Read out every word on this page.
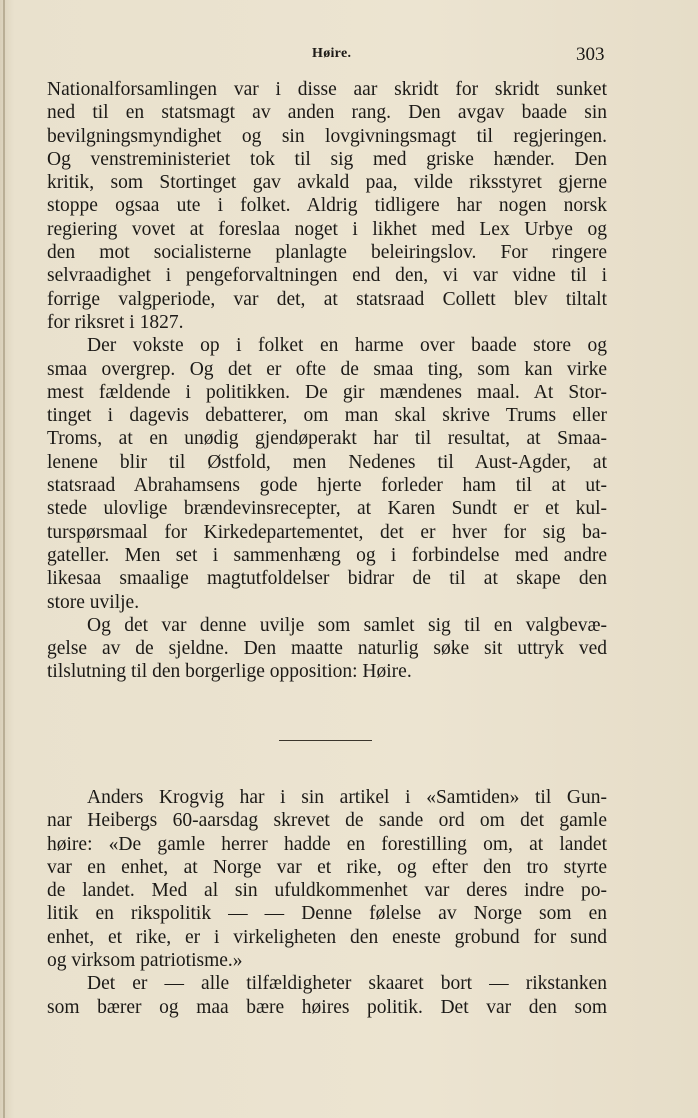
Høire.	303
Nationalforsamlingen var i disse aar skridt for skridt sunket
ned til en statsmagt av anden rang. Den avgav baade sin
bevilgningsmyndighet og sin lovgivningsmagt til regjeringen.
Og venstreministeriet tok til sig med griske hænder. Den
kritik, som Stortinget gav avkald paa, vilde riksstyret gjerne
stoppe ogsaa ute i folket. Aldrig tidligere har nogen norsk
regiering vovet at foreslaa noget i likhet med Lex Urbye og
den mot socialisterne planlagte beleiringslov. For ringere
selvraadighet i pengeforvaltningen end den, vi var vidne til i
forrige valgperiode, var det, at statsraad Collett blev tiltalt
for riksret i 1827.
Der vokste op i folket en harme over baade store og
smaa overgrep. Og det er ofte de smaa ting, som kan virke
mest fældende i politikken. De gir mændenes maal. At Stor-
tinget i dagevis debatterer, om man skal skrive Trums eller
Troms, at en unødig gjendøperakt har til resultat, at Smaa-
lenene blir til Østfold, men Nedenes til Aust-Agder, at
statsraad Abrahamsens gode hjerte forleder ham til at ut-
stede ulovlige brændevinsrecepter, at Karen Sundt er et kul-
turspørsmaal for Kirkedepartementet, det er hver for sig ba-
gateller. Men set i sammenhæng og i forbindelse med andre
likesaa smaalige magtutfoldelser bidrar de til at skape den
store uvilje.
Og det var denne uvilje som samlet sig til en valgbevæ-
gelse av de sjeldne. Den maatte naturlig søke sit uttryk ved
tilslutning til den borgerlige opposition: Høire.
Anders Krogvig har i sin artikel i «Samtiden» til Gun-
nar Heibergs 60-aarsdag skrevet de sande ord om det gamle
høire: «De gamle herrer hadde en forestilling om, at landet
var en enhet, at Norge var et rike, og efter den tro styrte
de landet. Med al sin ufuldkommenhet var deres indre po-
litik en rikspolitik — — Denne følelse av Norge som en
enhet, et rike, er i virkeligheten den eneste grobund for sund
og virksom patriotisme.»
Det er — alle tilfældigheter skaaret bort — rikstanken
som bærer og maa bære høires politik. Det var den som
